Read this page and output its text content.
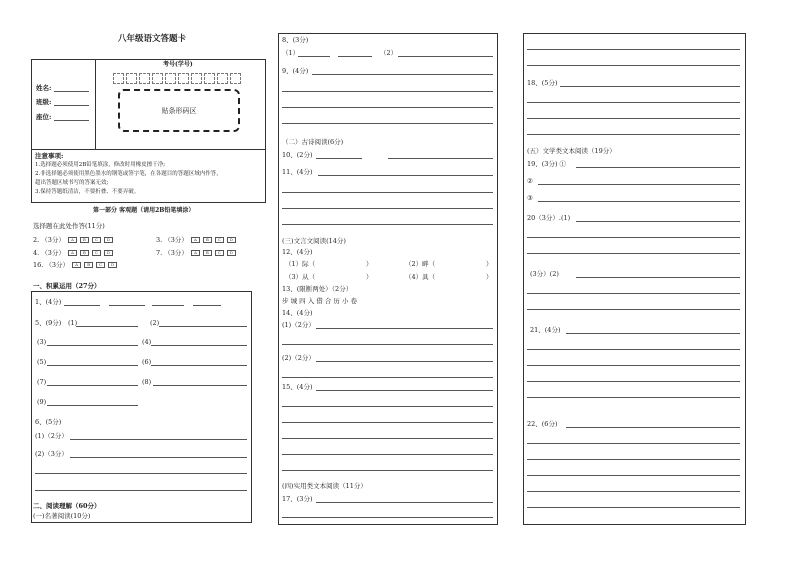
八年级语文答题卡
姓名:
班级:
座位:
考号(学号)
贴条形码区
注意事项:
1.选择题必须使用2B铅笔填涂，修改时用橡皮擦干净;
2.非选择题必须使用黑色墨水的钢笔或签字笔，在各题目的答题区域内作答，
超出答题区域书写的答案无效;
3.保持答题纸清洁，不要折叠、不要弄破。
第一部分 客观题（请用2B铅笔填涂）
选择题在此处作答(11分)
2. （3分） A B C D	3. （3分） A B C D
4. （3分） A B C D	7. （3分） A B C D
16. （3分） A B C D
一、积累运用（27分）
1、(4分)
5、(9分) (1)	(2)
(3)	(4)
(5)	(6)
(7)	(8)
(9)
6、(5分)
(1)（2分）
(2)（3分）
二、阅读理解（60分）
(一)名著阅读(10分)
8、(3分)
（1）	（2）
9、(4分)
（二）古诗阅读(6分)
10、(2分)
11、(4分)
(三)文言文阅读(14分)
12、(4分)
（1）际（	）	（2）畔（	）
（3）从（	）	（4）具（	）
13、(限断两处）（2分）
步 城 四 入 借 合 历 小 卷
14、(4分)
(1)（2分）
(2)（2分）
15、(4分)
(四)实用类文本阅读（11分）
17、(3分)
18、(5分)
(五）文学类文本阅读（19分）
19、(3分) ①
②
③
20（3分）.(1)
(3分）(2)
21、(4分)
22、(6分)
